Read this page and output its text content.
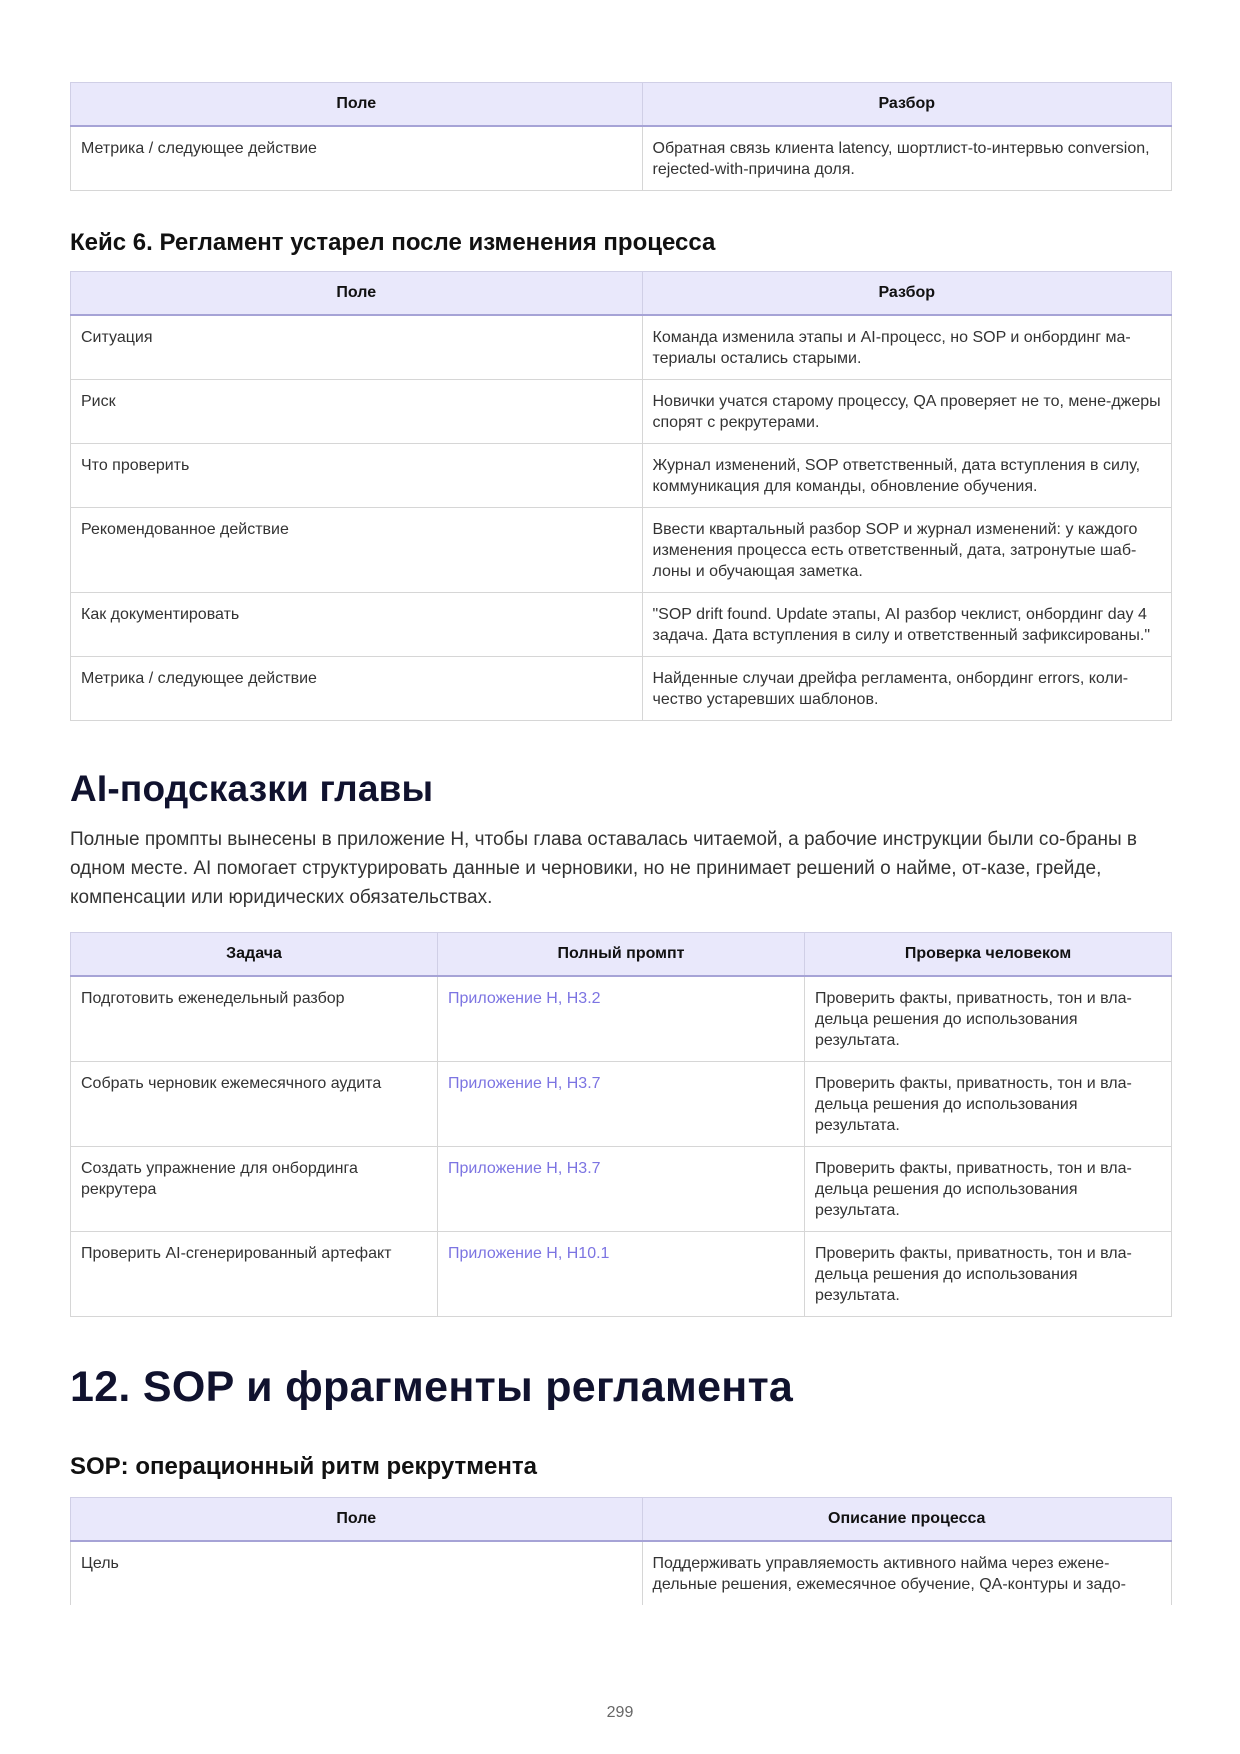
Поле	Разбор
Метрика / следующее действие	Обратная связь клиента latency, шортлист-to-интервью conversion, rejected-with-причина доля.
Кейс 6. Регламент устарел после изменения процесса
Поле	Разбор
Ситуация	Команда изменила этапы и AI-процесс, но SOP и онбординг ма-териалы остались старыми.
Риск	Новички учатся старому процессу, QA проверяет не то, мене-джеры спорят с рекрутерами.
Что проверить	Журнал изменений, SOP ответственный, дата вступления в силу, коммуникация для команды, обновление обучения.
Рекомендованное действие	Ввести квартальный разбор SOP и журнал изменений: у каждого изменения процесса есть ответственный, дата, затронутые шаб-лоны и обучающая заметка.
Как документировать	"SOP drift found. Update этапы, AI разбор чеклист, онбординг day 4 задача. Дата вступления в силу и ответственный зафиксированы."
Метрика / следующее действие	Найденные случаи дрейфа регламента, онбординг errors, коли-чество устаревших шаблонов.
AI-подсказки главы

Полные промпты вынесены в приложение H, чтобы глава оставалась читаемой, а рабочие инструкции были со-браны в одном месте. AI помогает структурировать данные и черновики, но не принимает решений о найме, от-казе, грейде, компенсации или юридических обязательствах.

Задача	Полный промпт	Проверка человеком
Подготовить еженедельный разбор	Приложение H, H3.2	Проверить факты, приватность, тон и вла-дельца решения до использования результата.
Собрать черновик ежемесячного аудита	Приложение H, H3.7	Проверить факты, приватность, тон и вла-дельца решения до использования результата.
Создать упражнение для онбординга рекрутера	Приложение H, H3.7	Проверить факты, приватность, тон и вла-дельца решения до использования результата.
Проверить AI-сгенерированный артефакт	Приложение H, H10.1	Проверить факты, приватность, тон и вла-дельца решения до использования результата.
12. SOP и фрагменты регламента
SOP: операционный ритм рекрутмента
Поле	Описание процесса
Цель	Поддерживать управляемость активного найма через ежене-дельные решения, ежемесячное обучение, QA-контуры и задо-
299
